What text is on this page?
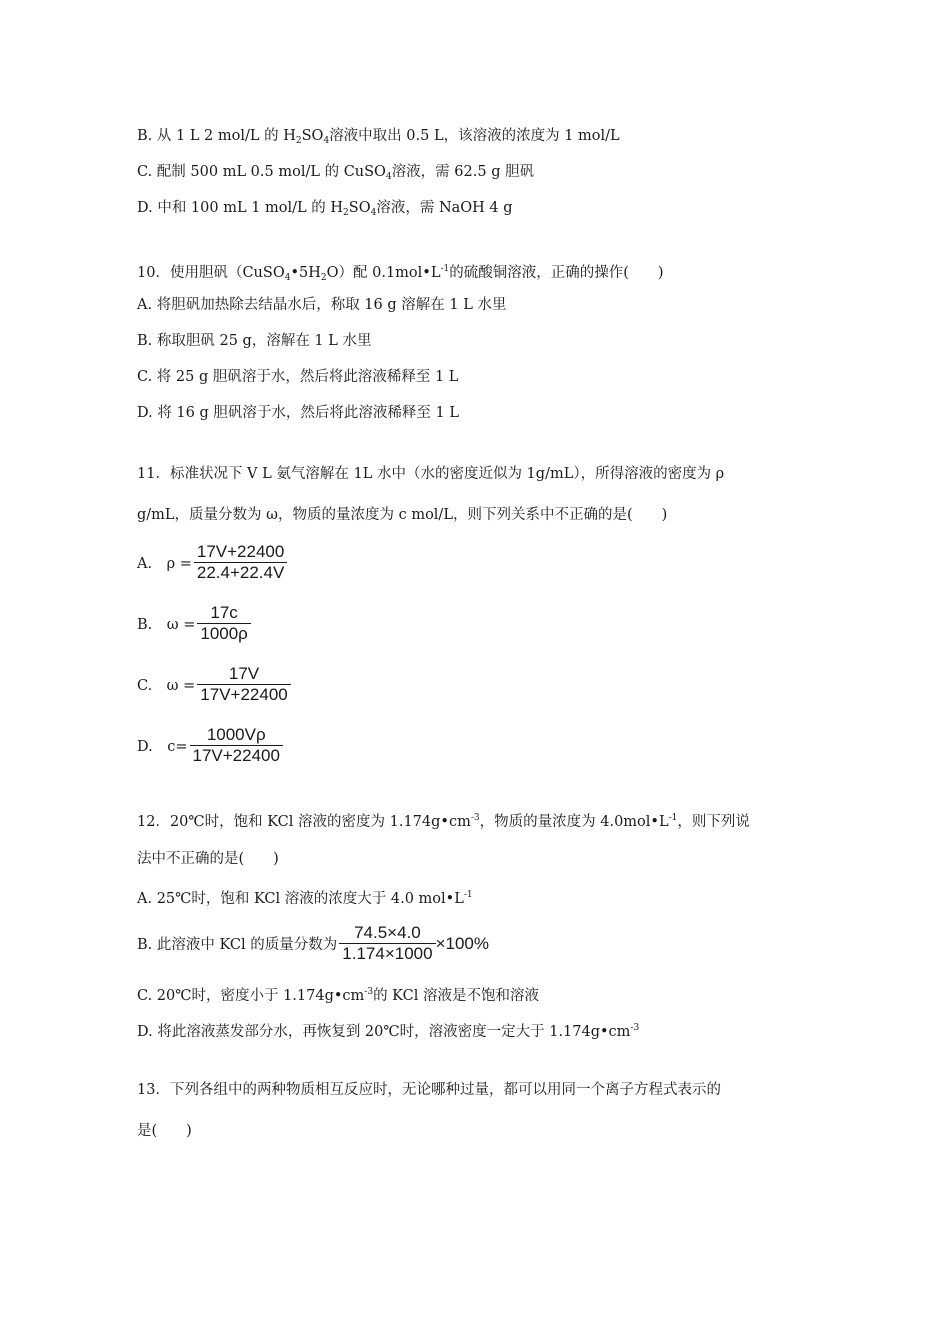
B. 从 1 L 2 mol/L 的 $H_2SO_4$溶液中取出 0.5 L，该溶液的浓度为 1 mol/L
C. 配制 500 mL 0.5 mol/L 的 CuSO$_4$溶液，需 62.5 g 胆矾
D. 中和 100 mL 1 mol/L 的 $H_2SO_4$溶液，需 NaOH 4 g
10．使用胆矾$(CuSO_4•5H_2O)$配 $0.1mol•L^{-1}$的硫酸铜溶液，正确的操作(　　)
A. 将胆矾加热除去结晶水后，称取 16 g 溶解在 1 L 水里
B. 称取胆矾 25 g，溶解在 1 L 水里
C. 将 25 g 胆矾溶于水，然后将此溶液稀释至 1 L
D. 将 16 g 胆矾溶于水，然后将此溶液稀释至 1 L
11．标准状况下 V L 氨气溶解在 1L 水中（水的密度近似为 1g/mL），所得溶液的密度为 ρ
g/mL，质量分数为 ω，物质的量浓度为 c mol/L，则下列关系中不正确的是(　　)
A.　$\rho = \frac{17V+22400}{22.4+22.4V}$
B.　$\omega = \frac{17c}{1000\rho}$
C.　$\omega = \frac{17V}{17V+22400}$
D.　$c= \frac{1000V\rho}{17V+22400}$
12．20℃时，饱和 KCl 溶液的密度为 $1.174g•cm^{-3}$，物质的量浓度为 $4.0mol•L^{-1}$，则下列说
法中不正确的是(　　)
A. 25℃时，饱和 KCl 溶液的浓度大于 4.0 $mol•L^{-1}$
B. 此溶液中 KCl 的质量分数为 $\frac{74.5\times 4.0}{1.174\times 1000} \times 100\%$
C. 20℃时，密度小于 $1.174g•cm^{-3}$的 KCl 溶液是不饱和溶液
D. 将此溶液蒸发部分水，再恢复到 20℃时，溶液密度一定大于 $1.174g•cm^{-3}$
13．下列各组中的两种物质相互反应时，无论哪种过量，都可以用同一个离子方程式表示的
是(　　)
